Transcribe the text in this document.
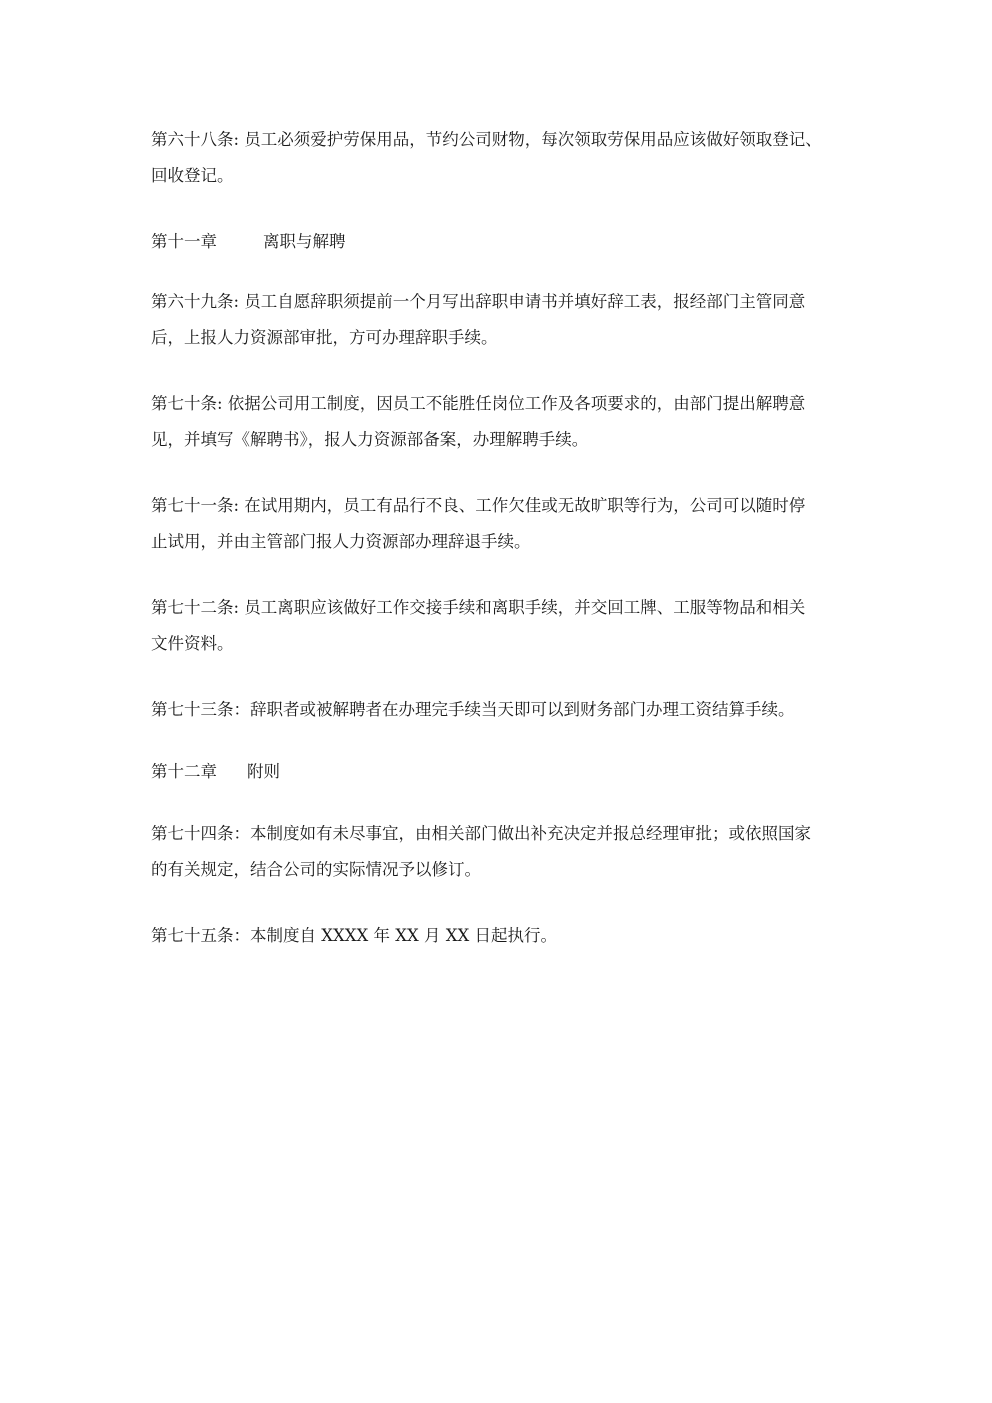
第六十八条: 员工必须爱护劳保用品，节约公司财物，每次领取劳保用品应该做好领取登记、
回收登记。
第十一章	离职与解聘
第六十九条: 员工自愿辞职须提前一个月写出辞职申请书并填好辞工表，报经部门主管同意
后，上报人力资源部审批，方可办理辞职手续。
第七十条: 依据公司用工制度，因员工不能胜任岗位工作及各项要求的，由部门提出解聘意
见，并填写《解聘书》，报人力资源部备案，办理解聘手续。
第七十一条: 在试用期内，员工有品行不良、工作欠佳或无故旷职等行为，公司可以随时停
止试用，并由主管部门报人力资源部办理辞退手续。
第七十二条: 员工离职应该做好工作交接手续和离职手续，并交回工牌、工服等物品和相关
文件资料。
第七十三条：辞职者或被解聘者在办理完手续当天即可以到财务部门办理工资结算手续。
第十二章 附则
第七十四条：本制度如有未尽事宜，由相关部门做出补充决定并报总经理审批；或依照国家
的有关规定，结合公司的实际情况予以修订。
第七十五条：本制度自 XXXX 年 XX 月 XX 日起执行。
